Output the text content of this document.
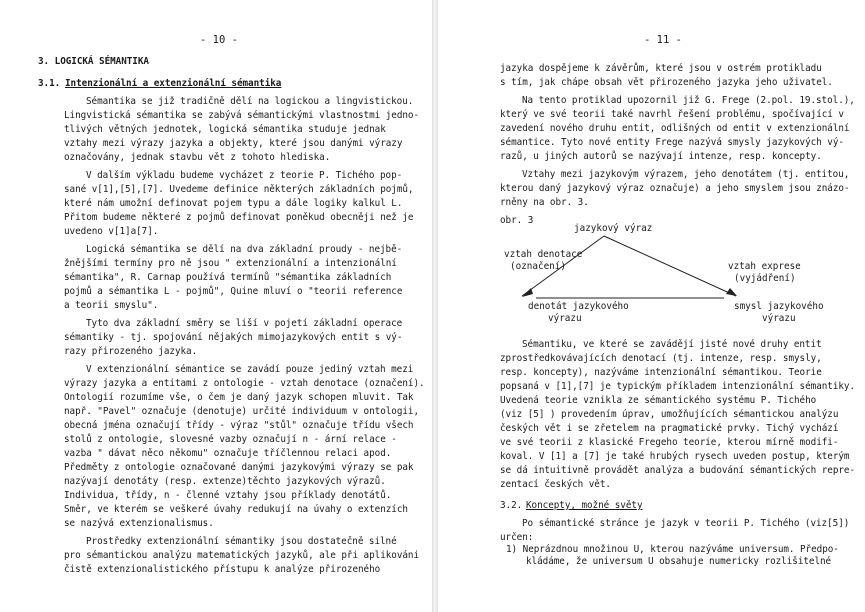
- 10 -
3. LOGICKÁ SÉMANTIKA
3.1. Intenzionální a extenzionální sémantika
Sémantika se již tradičně dělí na logickou a lingvistickou.
Lingvistická sémantika se zabývá sémantickými vlastnostmi jedno-
tlivých větných jednotek, logická sémantika studuje jednak
vztahy mezi výrazy jazyka a objekty, které jsou danými výrazy
označovány, jednak stavbu vět z tohoto hlediska.
V dalším výkladu budeme vycházet z teorie P. Tichého pop-
sané v[1],[5],[7]. Uvedeme definice některých základních pojmů,
které nám umožní definovat pojem typu a dále logiky kalkul L.
Přitom budeme některé z pojmů definovat poněkud obecněji než je
uvedeno v[1]a[7].
Logická sémantika se dělí na dva základní proudy - nejbě-
žnějšími termíny pro ně jsou " extenzionální a intenzionální
sémantika", R. Carnap používá termínů "sémantika základních
pojmů a sémantika L - pojmů", Quine mluví o "teorii reference
a teorii smyslu".
Tyto dva základní směry se liší v pojetí základní operace
sémantiky - tj. spojování nějakých mimojazykových entit s vý-
razy přirozeného jazyka.
V extenzionální sémantice se zavádí pouze jediný vztah mezi
výrazy jazyka a entitami z ontologie - vztah denotace (označení).
Ontologií rozumíme vše, o čem je daný jazyk schopen mluvit. Tak
např. "Pavel" označuje (denotuje) určité individuum v ontologii,
obecná jména označují třídy - výraz "stůl" označuje třídu všech
stolů z ontologie, slovesné vazby označují n - ární relace -
vazba " dávat něco někomu" označuje tříčlennou relaci apod.
Předměty z ontologie označované danými jazykovými výrazy se pak
nazývají denotáty (resp. extenze)těchto jazykových výrazů.
Individua, třídy, n - členné vztahy jsou příklady denotátů.
Směr, ve kterém se veškeré úvahy redukují na úvahy o extenzích
se nazývá extenzionalismus.
Prostředky extenzionální sémantiky jsou dostatečně silné
pro sémantickou analýzu matematických jazyků, ale při aplikováni
čistě extenzionalistického přístupu k analýze přirozeného
- 11 -
jazyka dospějeme k závěrům, které jsou v ostrém protikladu
s tím, jak chápe obsah vět přirozeného jazyka jeho uživatel.
Na tento protiklad upozornil již G. Frege (2.pol. 19.stol.),
který ve své teorii také navrhl řešení problému, spočívající v
zavedení nového druhu entit, odlišných od entit v extenzionální
sémantice. Tyto nové entity Frege nazývá smysly jazykových vý-
razů, u jiných autorů se nazývají intenze, resp. koncepty.
Vztahy mezi jazykovým výrazem, jeho denotátem (tj. entitou,
kterou daný jazykový výraz označuje) a jeho smyslem jsou znázo-
rněny na obr. 3.
obr. 3
jazykový výraz
vztah denotace
(označení)	vztah exprese
(vyjádření)
denotát jazykového
výrazu
smysl jazykového
výrazu
Sémantiku, ve které se zavádějí jisté nové druhy entit
zprostředkovávajících denotací (tj. intenze, resp. smysly,
resp. koncepty), nazýváme intenzionální sémantikou. Teorie
popsaná v [1],[7] je typickým příkladem intenzionální sémantiky.
Uvedená teorie vznikla ze sémantického systému P. Tichého
(viz [5] ) provedením úprav, umožňujících sémantickou analýzu
českých vět i se zřetelem na pragmatické prvky. Tichý vychází
ve své teorii z klasické Fregeho teorie, kterou mírně modifi-
koval. V [1] a [7] je také hrubých rysech uveden postup, kterým
se dá intuitivně provádět analýza a budování sémantických repre-
zentací českých vět.
3.2. Koncepty, možné světy
Po sémantické stránce je jazyk v teorii P. Tichého (viz[5])
určen:
1) Neprázdnou množinou U, kterou nazýváme universum. Předpo-
kládáme, že universum U obsahuje numericky rozlišitelné
